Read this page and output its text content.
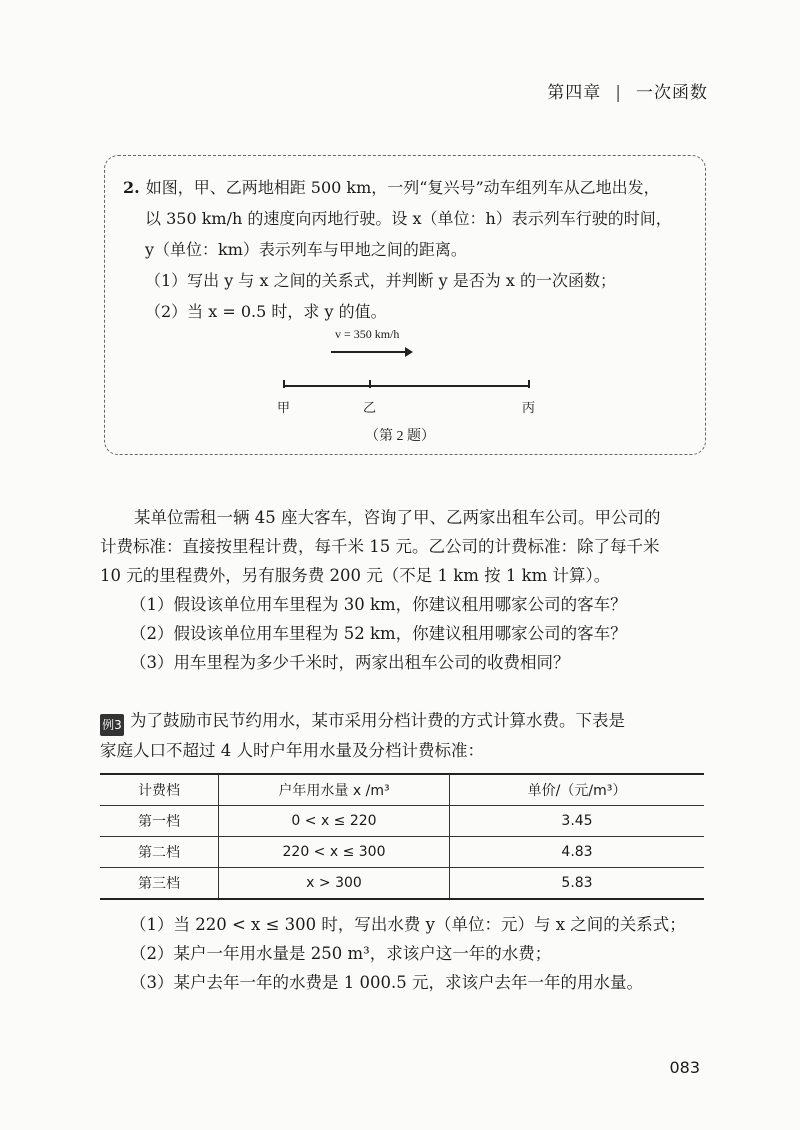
第四章 | 一次函数

2. 如图，甲、乙两地相距 500 km，一列“复兴号”动车组列车从乙地出发，

以 350 km/h 的速度向丙地行驶。设 x（单位：h）表示列车行驶的时间，

y（单位：km）表示列车与甲地之间的距离。

（1）写出 y 与 x 之间的关系式，并判断 y 是否为 x 的一次函数；

（2）当 x = 0.5 时，求 y 的值。

v = 350 km/h
甲	乙	丙
（第 2 题）

某单位需租一辆 45 座大客车，咨询了甲、乙两家出租车公司。甲公司的

计费标准：直接按里程计费，每千米 15 元。乙公司的计费标准：除了每千米

10 元的里程费外，另有服务费 200 元（不足 1 km 按 1 km 计算）。

（1）假设该单位用车里程为 30 km，你建议租用哪家公司的客车？

（2）假设该单位用车里程为 52 km，你建议租用哪家公司的客车？

（3）用车里程为多少千米时，两家出租车公司的收费相同？

例3 为了鼓励市民节约用水，某市采用分档计费的方式计算水费。下表是

家庭人口不超过 4 人时户年用水量及分档计费标准：

计费档	户年用水量 x /m³	单价/（元/m³）
第一档	0 < x ≤ 220	3.45
第二档	220 < x ≤ 300	4.83
第三档	x > 300	5.83

（1）当 220 < x ≤ 300 时，写出水费 y（单位：元）与 x 之间的关系式；

（2）某户一年用水量是 250 m³，求该户这一年的水费；

（3）某户去年一年的水费是 1 000.5 元，求该户去年一年的用水量。

083
